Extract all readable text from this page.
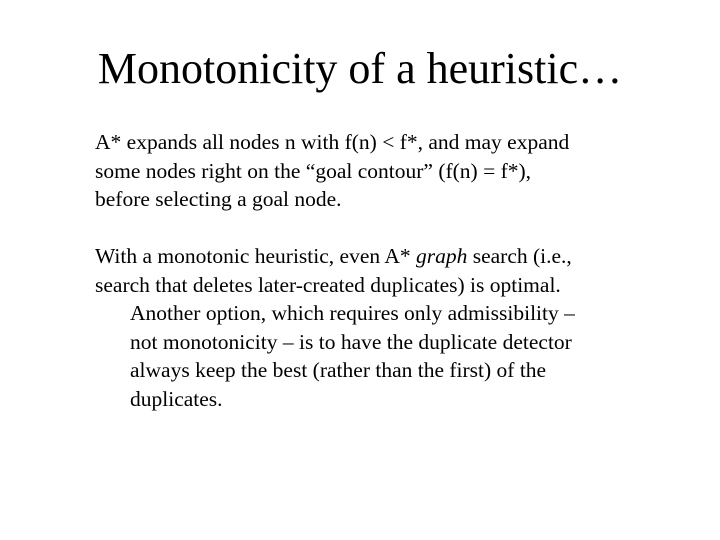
Monotonicity of a heuristic…

A* expands all nodes n with f(n) < f*, and may expand
some nodes right on the “goal contour” (f(n) = f*),
before selecting a goal node.

With a monotonic heuristic, even A* graph search (i.e.,
search that deletes later-created duplicates) is optimal.
Another option, which requires only admissibility –
not monotonicity – is to have the duplicate detector
always keep the best (rather than the first) of the
duplicates.
